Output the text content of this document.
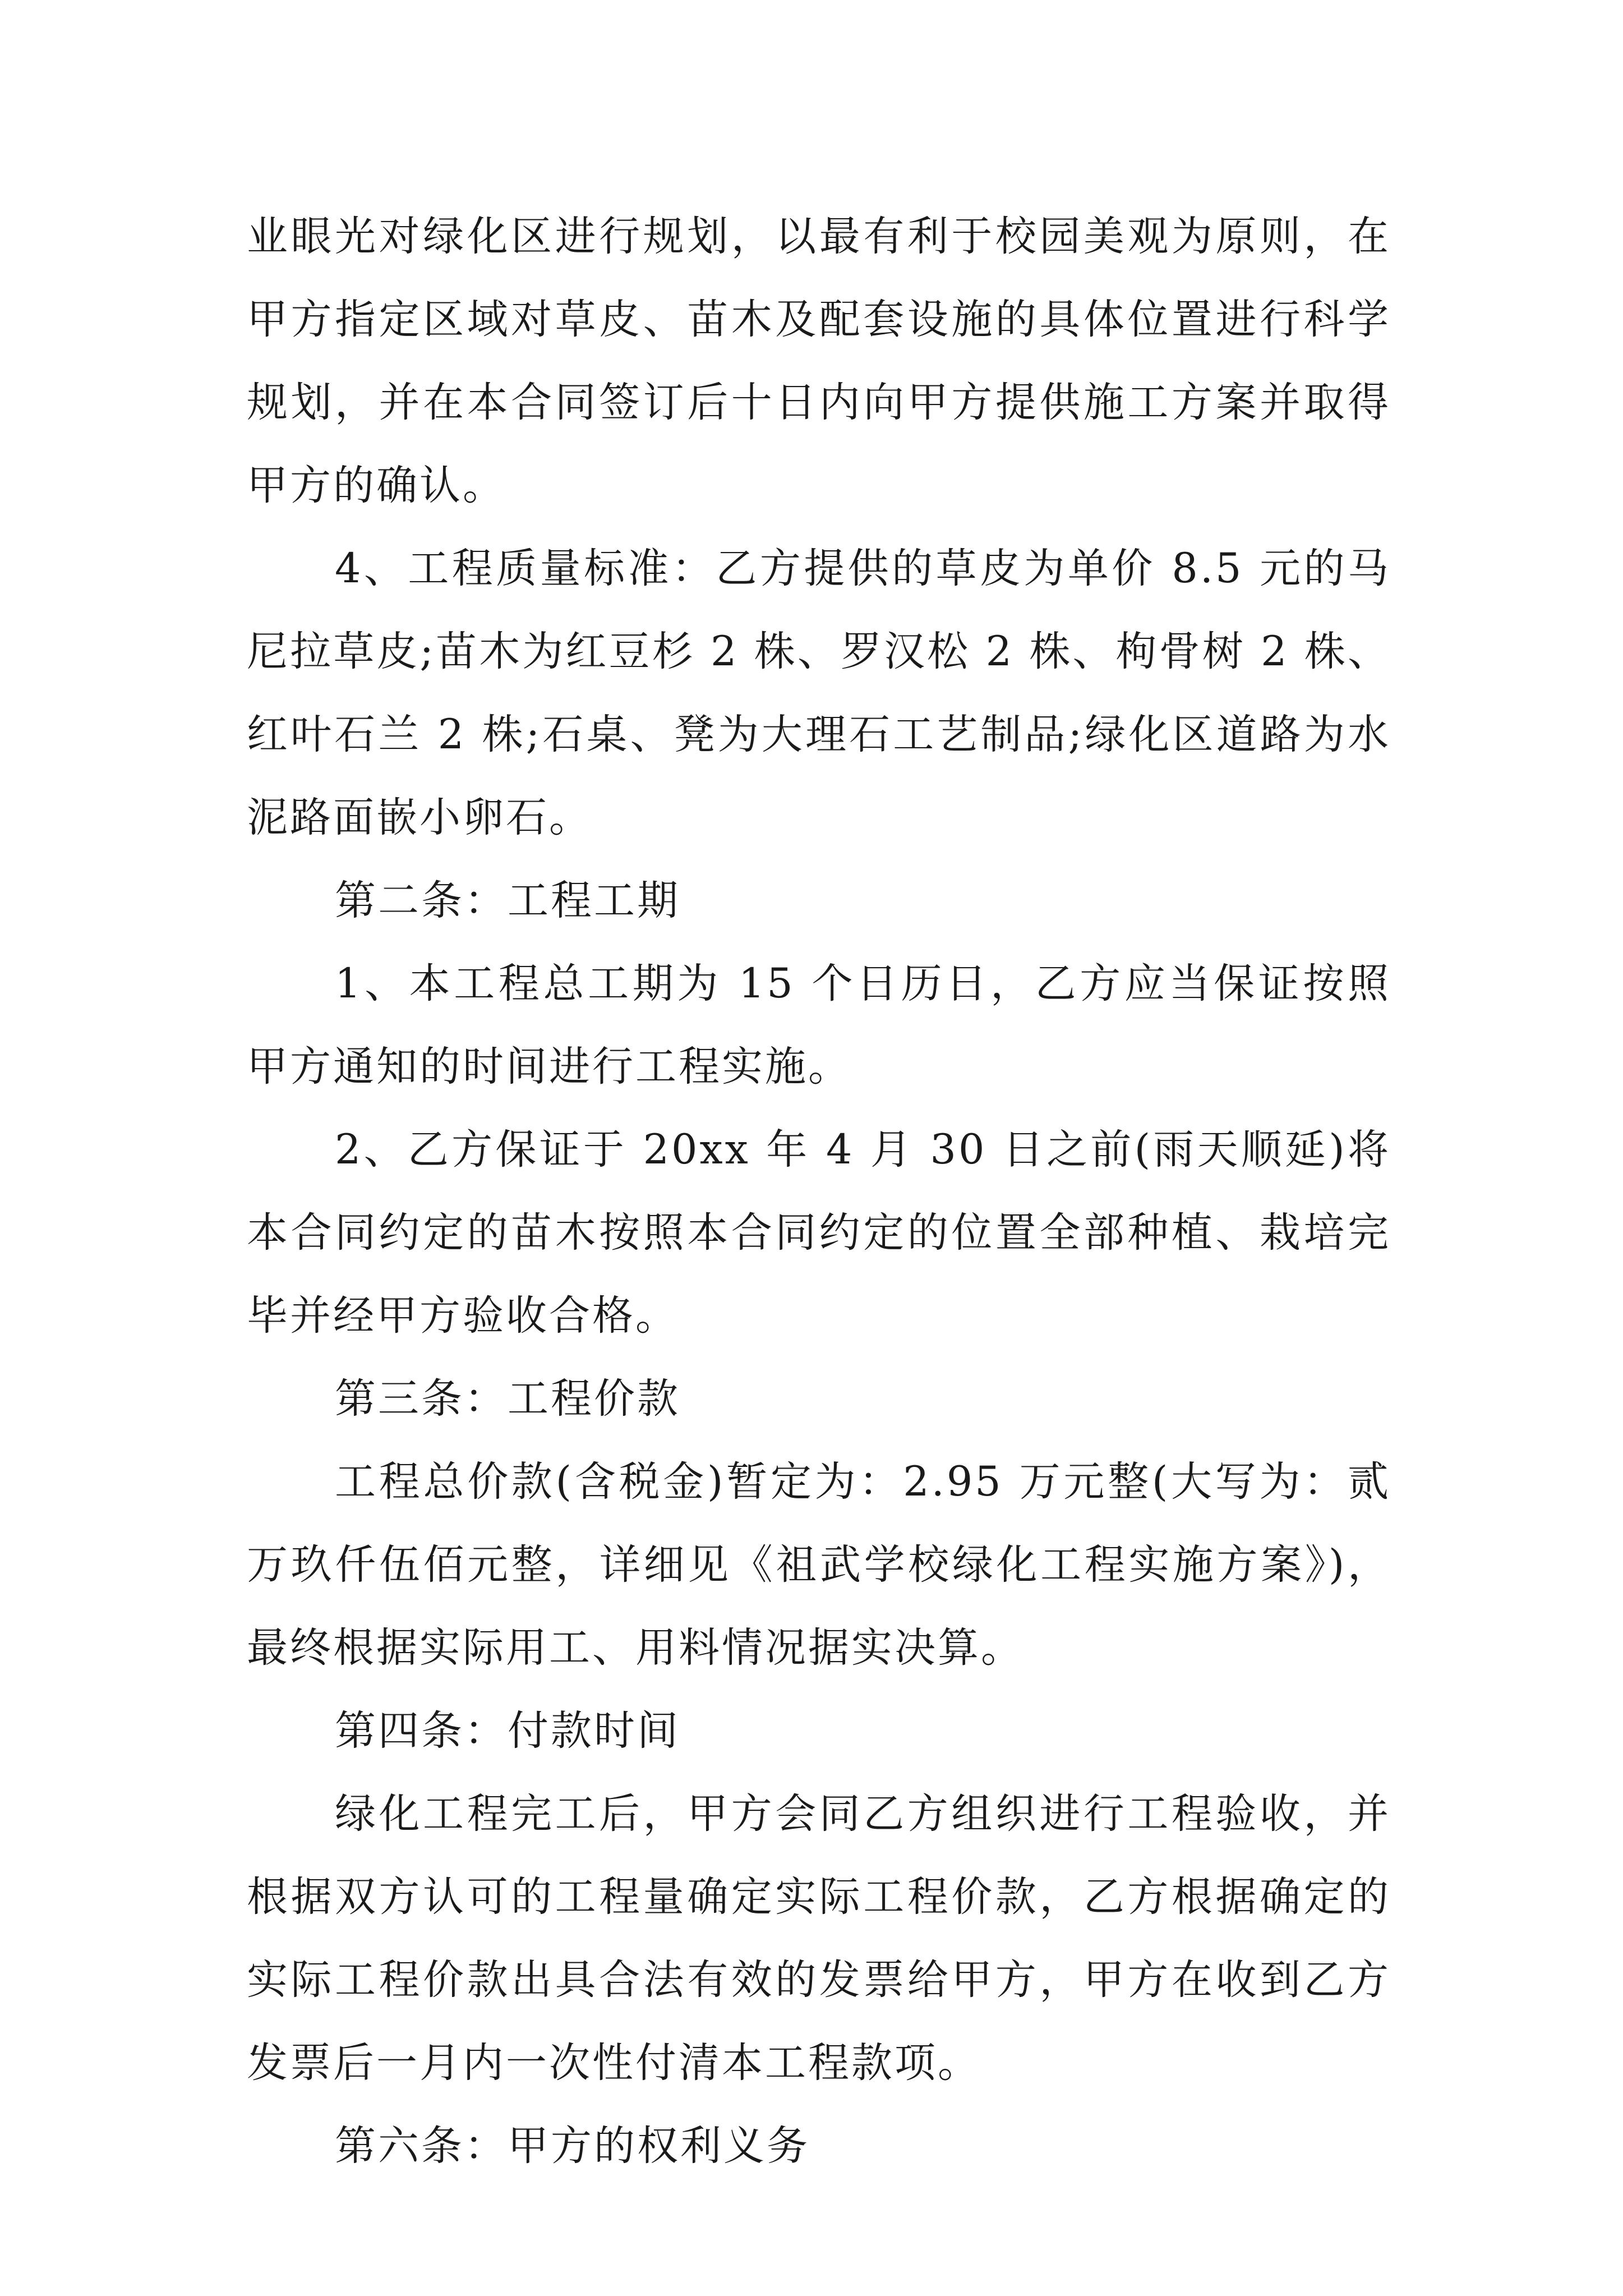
业眼光对绿化区进行规划，以最有利于校园美观为原则，在甲方指定区域对草皮、苗木及配套设施的具体位置进行科学规划，并在本合同签订后十日内向甲方提供施工方案并取得甲方的确认。

4、工程质量标准：乙方提供的草皮为单价 8.5 元的马尼拉草皮;苗木为红豆杉 2 株、罗汉松 2 株、枸骨树 2 株、红叶石兰 2 株;石桌、凳为大理石工艺制品;绿化区道路为水泥路面嵌小卵石。

第二条：工程工期

1、本工程总工期为 15 个日历日，乙方应当保证按照甲方通知的时间进行工程实施。

2、乙方保证于 20xx 年 4 月 30 日之前(雨天顺延)将本合同约定的苗木按照本合同约定的位置全部种植、栽培完毕并经甲方验收合格。

第三条：工程价款

工程总价款(含税金)暂定为：2.95 万元整(大写为：贰万玖仟伍佰元整，详细见《祖武学校绿化工程实施方案》)，最终根据实际用工、用料情况据实决算。

第四条：付款时间

绿化工程完工后，甲方会同乙方组织进行工程验收，并根据双方认可的工程量确定实际工程价款，乙方根据确定的实际工程价款出具合法有效的发票给甲方，甲方在收到乙方发票后一月内一次性付清本工程款项。

第六条：甲方的权利义务
